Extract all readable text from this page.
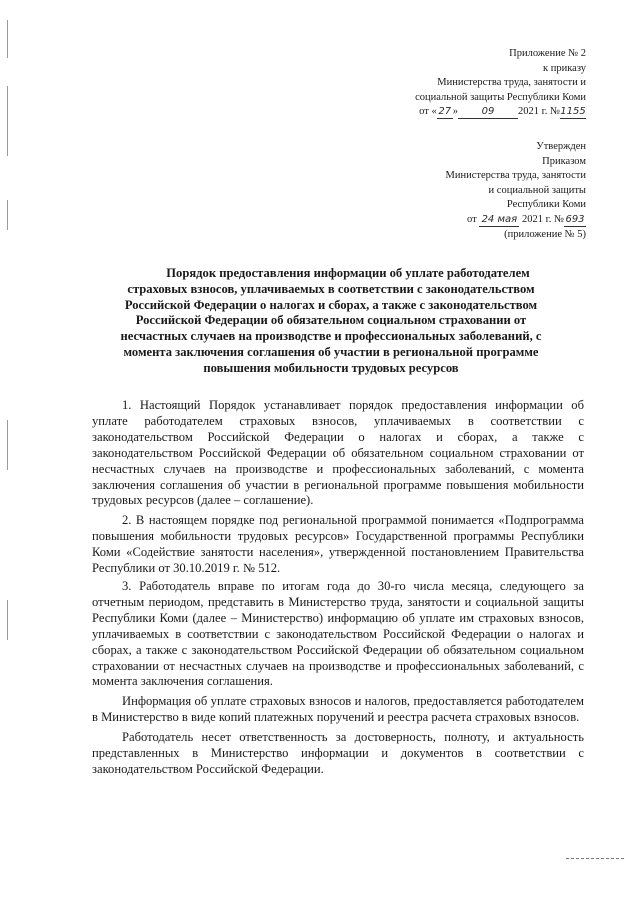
Приложение № 2
к приказу
Министерства труда, занятости и
социальной защиты Республики Коми
от « 27 » 09 2021 г. №1155
Утвержден
Приказом
Министерства труда, занятости
и социальной защиты
Республики Коми
от 24 мая 2021 г. №693
(приложение № 5)
Порядок предоставления информации об уплате работодателем
страховых взносов, уплачиваемых в соответствии с законодательством
Российской Федерации о налогах и сборах, а также с законодательством
Российской Федерации об обязательном социальном страховании от
несчастных случаев на производстве и профессиональных заболеваний, с
момента заключения соглашения об участии в региональной программе
повышения мобильности трудовых ресурсов

1. Настоящий Порядок устанавливает порядок предоставления информации об уплате работодателем страховых взносов, уплачиваемых в соответствии с законодательством Российской Федерации о налогах и сборах, а также с законодательством Российской Федерации об обязательном социальном страховании от несчастных случаев на производстве и профессиональных заболеваний, с момента заключения соглашения об участии в региональной программе повышения мобильности трудовых ресурсов (далее – соглашение).

2. В настоящем порядке под региональной программой понимается «Подпрограмма повышения мобильности трудовых ресурсов» Государственной программы Республики Коми «Содействие занятости населения», утвержденной постановлением Правительства Республики от 30.10.2019 г. № 512.

3. Работодатель вправе по итогам года до 30-го числа месяца, следующего за отчетным периодом, представить в Министерство труда, занятости и социальной защиты Республики Коми (далее – Министерство) информацию об уплате им страховых взносов, уплачиваемых в соответствии с законодательством Российской Федерации о налогах и сборах, а также с законодательством Российской Федерации об обязательном социальном страховании от несчастных случаев на производстве и профессиональных заболеваний, с момента заключения соглашения.

Информация об уплате страховых взносов и налогов, предоставляется работодателем в Министерство в виде копий платежных поручений и реестра расчета страховых взносов.

Работодатель несет ответственность за достоверность, полноту, и актуальность представленных в Министерство информации и документов в соответствии с законодательством Российской Федерации.
